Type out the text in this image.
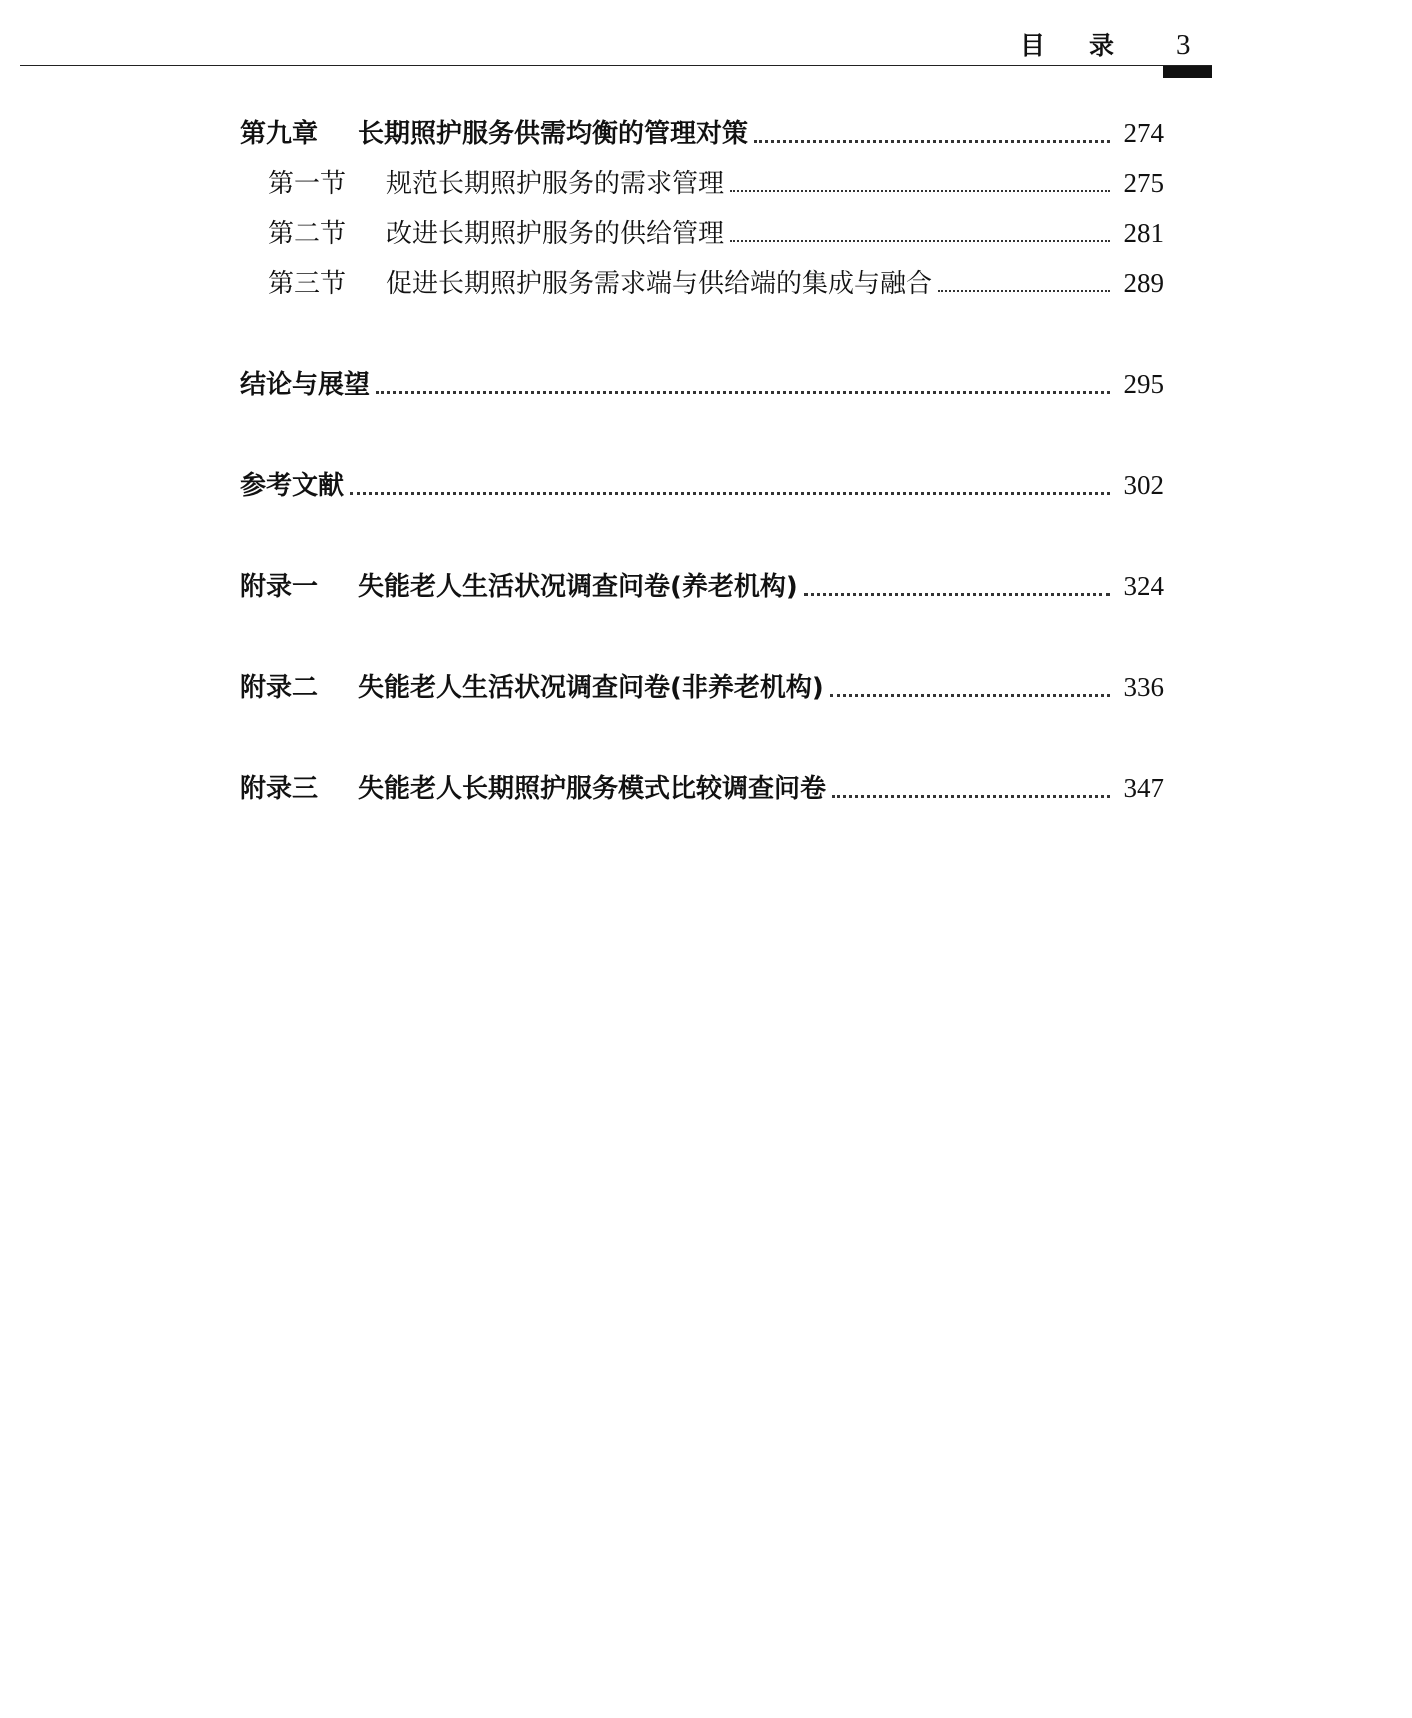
目录 3
第九章	长期照护服务供需均衡的管理对策	274
第一节	规范长期照护服务的需求管理	275
第二节	改进长期照护服务的供给管理	281
第三节	促进长期照护服务需求端与供给端的集成与融合	289
结论与展望	295
参考文献	302
附录一	失能老人生活状况调查问卷(养老机构)	324
附录二	失能老人生活状况调查问卷(非养老机构)	336
附录三	失能老人长期照护服务模式比较调查问卷	347
